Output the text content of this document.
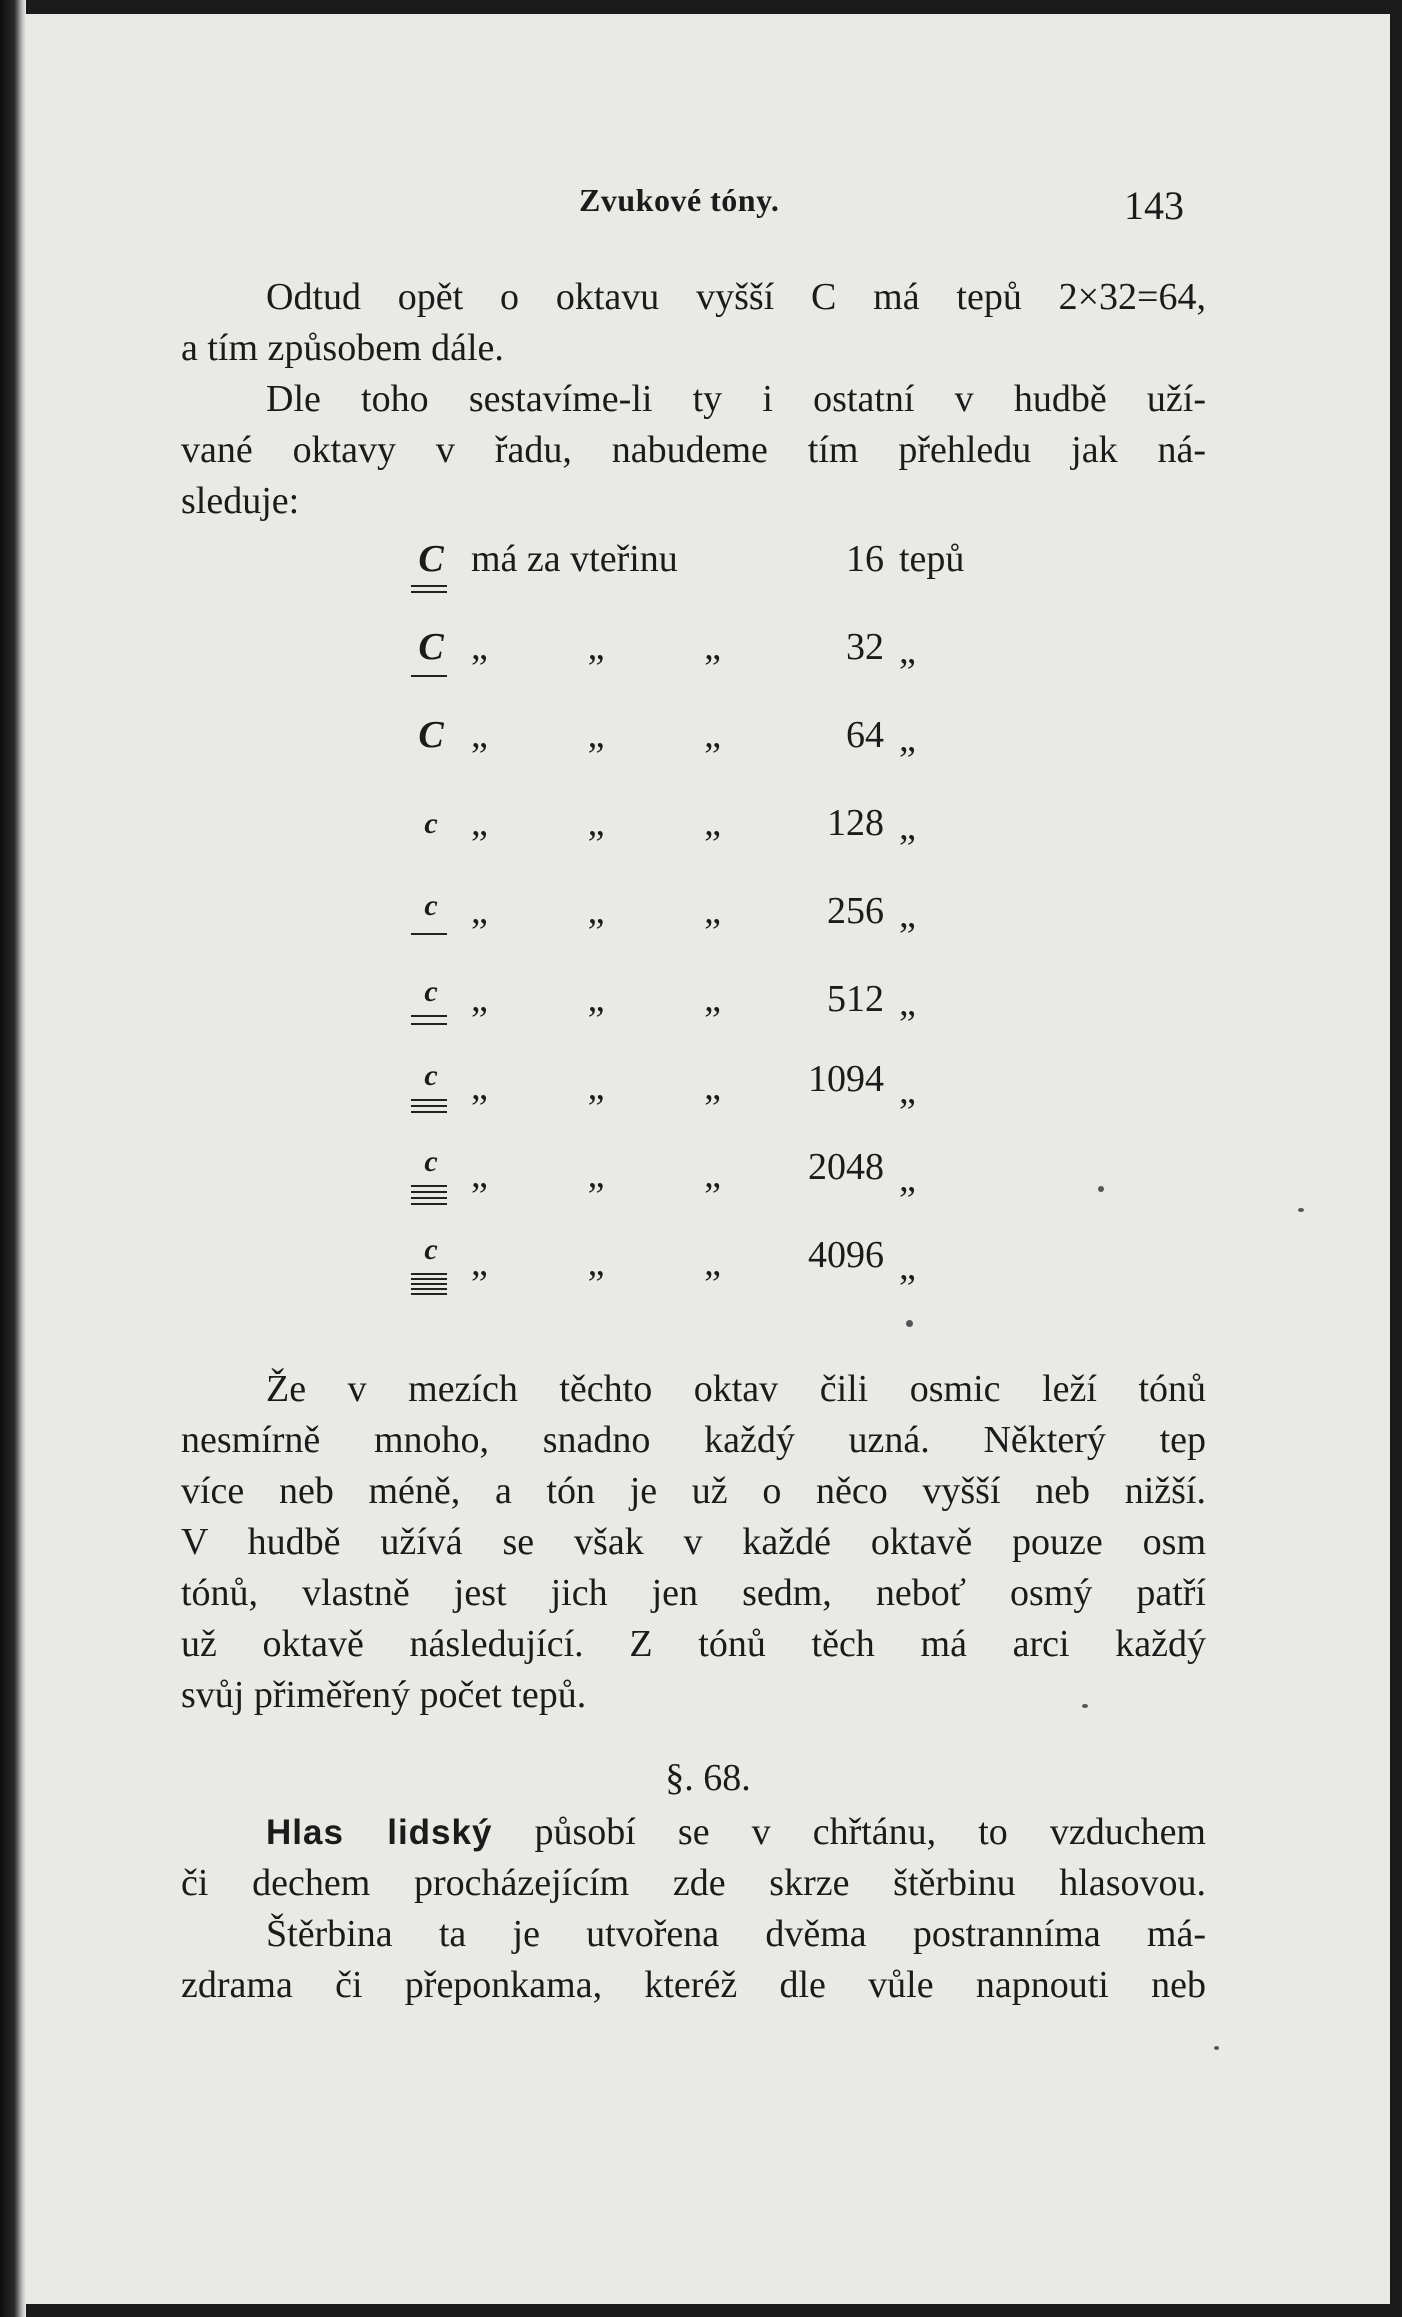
Zvukové tóny.	143
Odtud opět o oktavu vyšší C má tepů 2×32=64,
a tím způsobem dále.
Dle toho sestavíme-li ty i ostatní v hudbě uží-
vané oktavy v řadu, nabudeme tím přehledu jak ná-
sleduje:
C má za vteřinu	16 tepů
C „	„	„	32 „
C „	„	„	64 „
c „	„	„	128 „
c „	„	„	256 „
c „	„	„	512 „
c „	„	„	1094 „
c „	„	„	2048 „
c „	„	„	4096 „
Že v mezích těchto oktav čili osmic leží tónů
nesmírně mnoho, snadno každý uzná. Některý tep
více neb méně, a tón je už o něco vyšší neb nižší.
V hudbě užívá se však v každé oktavě pouze osm
tónů, vlastně jest jich jen sedm, neboť osmý patří
už oktavě následující. Z tónů těch má arci každý
svůj přiměřený počet tepů.
§. 68.
Hlas lidský působí se v chřtánu, to vzduchem
či dechem procházejícím zde skrze štěrbinu hlasovou.
Štěrbina ta je utvořena dvěma postranníma má-
zdrama či přeponkama, kteréž dle vůle napnouti neb
